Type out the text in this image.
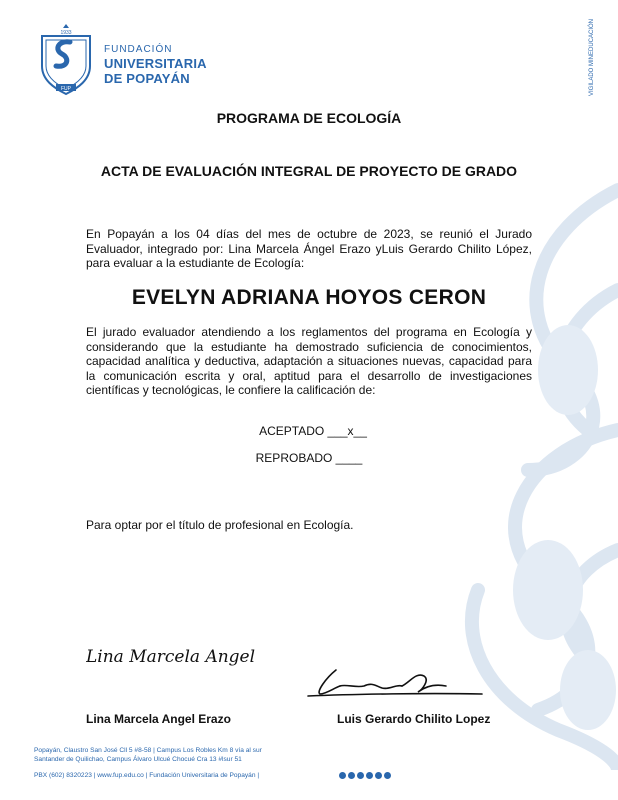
1933
FUP
FUNDACIÓN
UNIVERSITARIA
DE POPAYÁN	VIGILADO MINEDUCACIÓN
PROGRAMA DE ECOLOGÍA
ACTA DE EVALUACIÓN INTEGRAL DE PROYECTO DE GRADO
En Popayán a los 04 días del mes de octubre de 2023, se reunió el Jurado Evaluador, integrado por: Lina Marcela Ángel Erazo yLuis Gerardo Chilito López, para evaluar a la estudiante de Ecología:
EVELYN ADRIANA HOYOS CERON
El jurado evaluador atendiendo a los reglamentos del programa en Ecología y considerando que la estudiante ha demostrado suficiencia de conocimientos, capacidad analítica y deductiva, adaptación a situaciones nuevas, capacidad para la comunicación escrita y oral, aptitud para el desarrollo de investigaciones científicas y tecnológicas, le confiere la calificación de:
ACEPTADO ___x__
REPROBADO ____
Para optar por el título de profesional en Ecología.
Lina Marcela Angel
Lina Marcela Angel Erazo	Luis Gerardo Chilito Lopez
Popayán, Claustro San José Cll 5 #8-58 | Campus Los Robles Km 8 vía al sur
Santander de Quilichao, Campus Álvaro Ulcué Chocué Cra 13 #lsur 51
PBX (602) 8320223 | www.fup.edu.co | Fundación Universitaria de Popayán |
